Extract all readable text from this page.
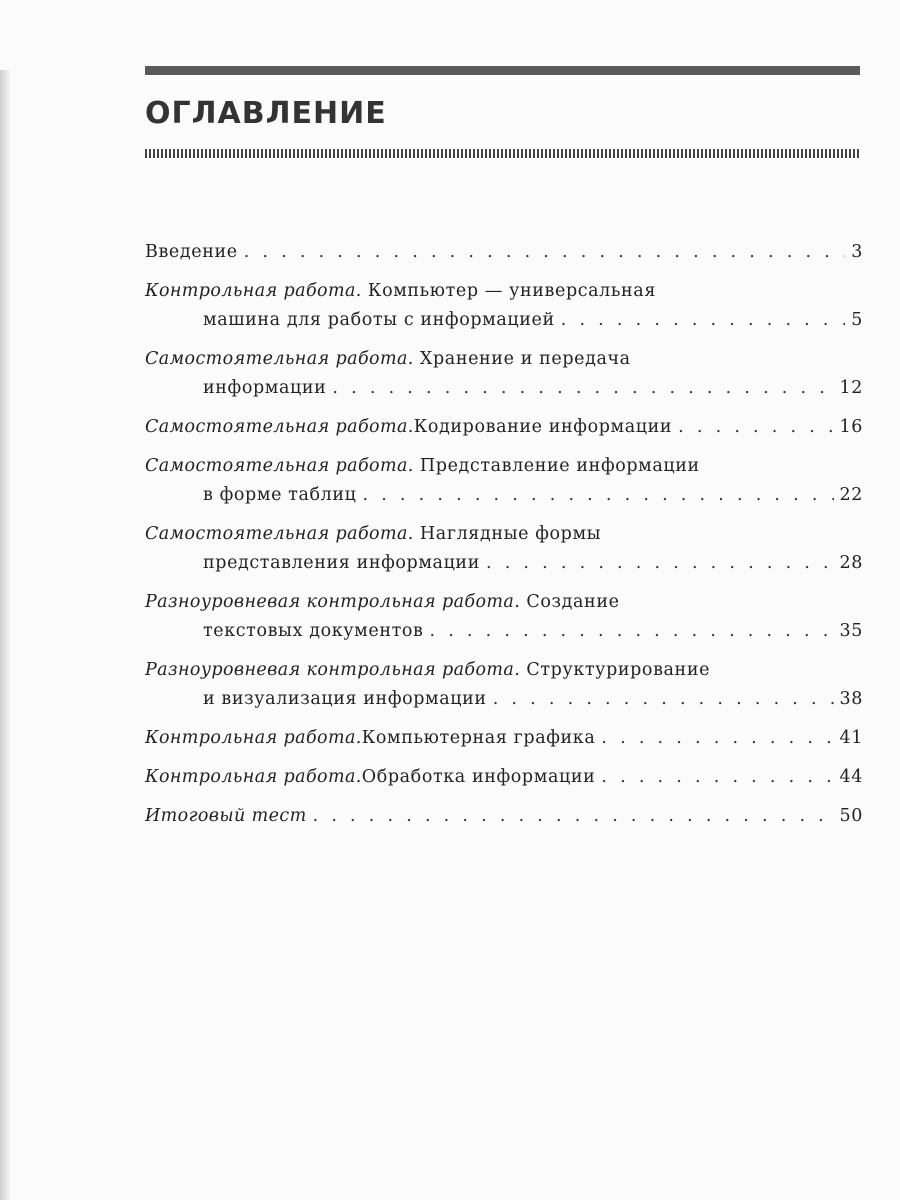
ОГЛАВЛЕНИЕ
Введение . . .	3
Контрольная работа. Компьютер — универсальная
машина для работы с информацией . . .	5
Самостоятельная работа. Хранение и передача
информации . . .	12
Самостоятельная работа. Кодирование информации . . .	16
Самостоятельная работа. Представление информации
в форме таблиц . . .	22
Самостоятельная работа. Наглядные формы
представления информации . . .	28
Разноуровневая контрольная работа. Создание
текстовых документов . . .	35
Разноуровневая контрольная работа. Структурирование
и визуализация информации . . .	38
Контрольная работа. Компьютерная графика . . .	41
Контрольная работа. Обработка информации . . .	44
Итоговый тест . . .	50
